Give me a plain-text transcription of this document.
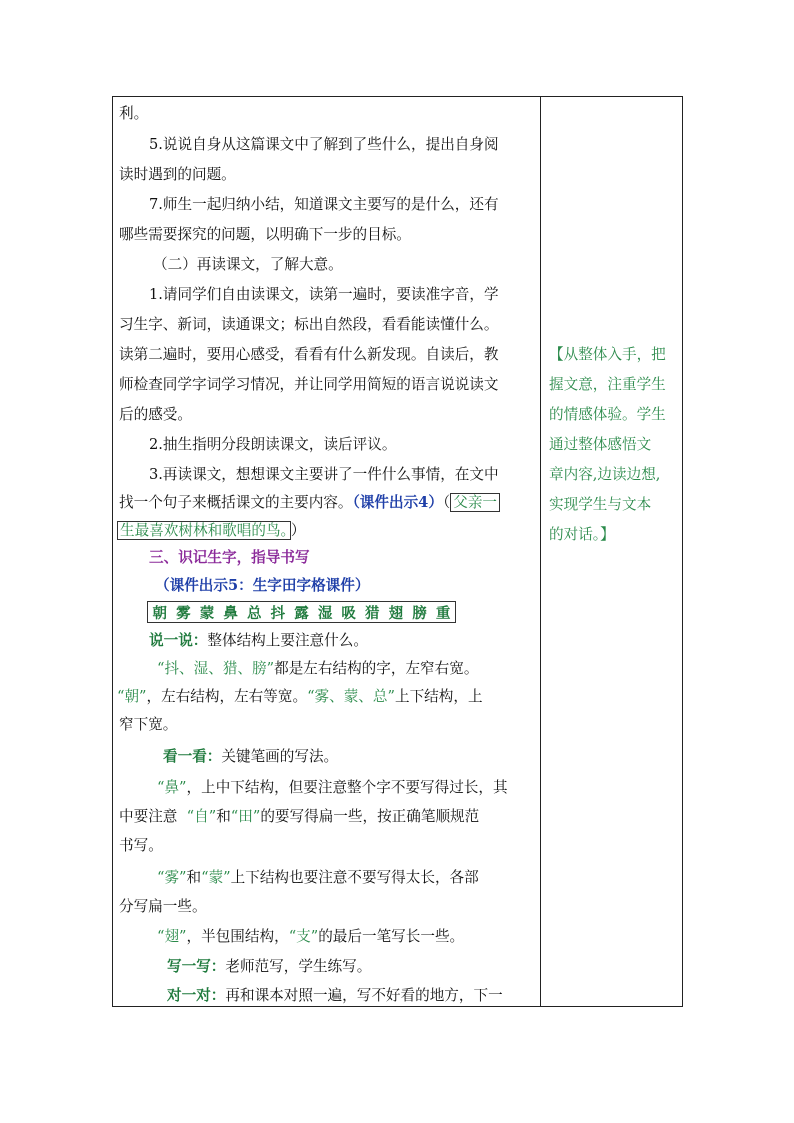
利。
5.说说自身从这篇课文中了解到了些什么，提出自身阅
读时遇到的问题。
7.师生一起归纳小结，知道课文主要写的是什么，还有
哪些需要探究的问题，以明确下一步的目标。
（二）再读课文，了解大意。
1.请同学们自由读课文，读第一遍时，要读准字音，学
习生字、新词，读通课文；标出自然段，看看能读懂什么。
读第二遍时，要用心感受，看看有什么新发现。自读后，教
师检查同学字词学习情况，并让同学用简短的语言说说读文
后的感受。
2.抽生指明分段朗读课文，读后评议。
3.再读课文，想想课文主要讲了一件什么事情，在文中
找一个句子来概括课文的主要内容。（课件出示4）（ 父亲一
生最喜欢树林和歌唱的鸟。 ）
三、识记生字，指导书写
（课件出示5：生字田字格课件）
朝 雾 蒙 鼻 总 抖 露 湿 吸 猎 翅 膀 重
说一说：整体结构上要注意什么。
“抖、湿、猎、膀”都是左右结构的字，左窄右宽。
“朝”，左右结构，左右等宽。“雾、蒙、总”上下结构，上
窄下宽。
看一看：关键笔画的写法。
“鼻”，上中下结构，但要注意整个字不要写得过长，其
中要注意 “自”和“田”的要写得扁一些，按正确笔顺规范
书写。
“雾”和“蒙”上下结构也要注意不要写得太长，各部
分写扁一些。
“翅”，半包围结构，“支”的最后一笔写长一些。
写一写：老师范写，学生练写。
对一对：再和课本对照一遍，写不好看的地方，下一

【从整体入手，把
握文意，注重学生
的情感体验。学生
通过整体感悟文
章内容,边读边想,
实现学生与文本
的对话。】
